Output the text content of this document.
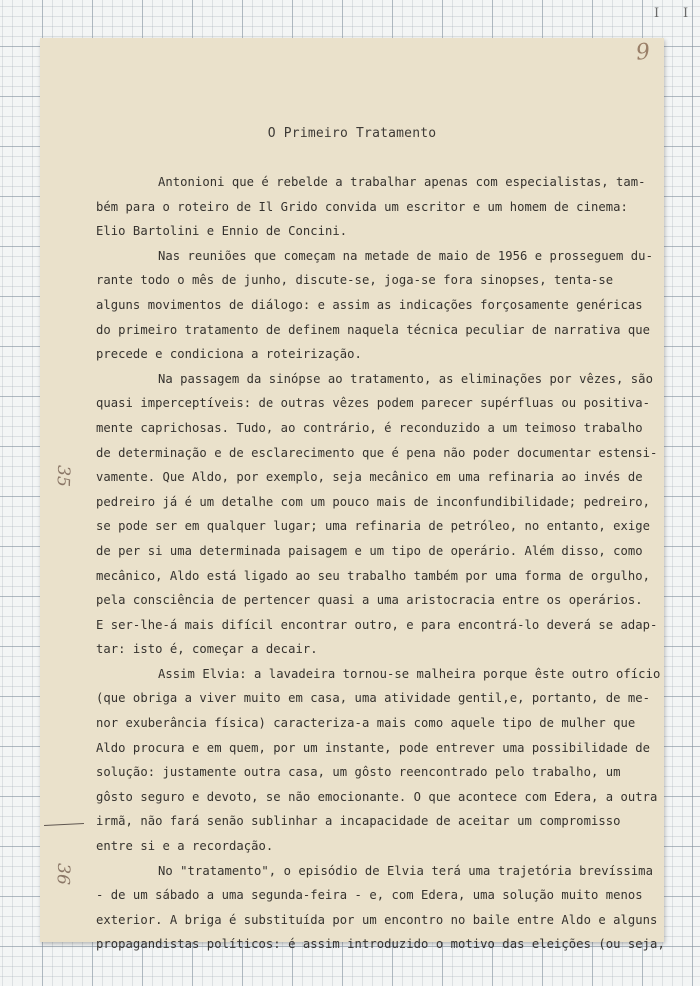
I I
9
O Primeiro Tratamento
35
36
Antonioni que é rebelde a trabalhar apenas com especialistas, tam-
bém para o roteiro de Il Grido convida um escritor e um homem de cinema:
Elio Bartolini e Ennio de Concini.
Nas reuniões que começam na metade de maio de 1956 e prosseguem du-
rante todo o mês de junho, discute-se, joga-se fora sinopses, tenta-se
alguns movimentos de diálogo: e assim as indicações forçosamente genéricas
do primeiro tratamento de definem naquela técnica peculiar de narrativa que
precede e condiciona a roteirização.
Na passagem da sinópse ao tratamento, as eliminações por vêzes, são
quasi imperceptíveis: de outras vêzes podem parecer supérfluas ou positiva-
mente caprichosas. Tudo, ao contrário, é reconduzido a um teimoso trabalho
de determinação e de esclarecimento que é pena não poder documentar estensi-
vamente. Que Aldo, por exemplo, seja mecânico em uma refinaria ao invés de
pedreiro já é um detalhe com um pouco mais de inconfundibilidade; pedreiro,
se pode ser em qualquer lugar; uma refinaria de petróleo, no entanto, exige
de per si uma determinada paisagem e um tipo de operário. Além disso, como
mecânico, Aldo está ligado ao seu trabalho também por uma forma de orgulho,
pela consciência de pertencer quasi a uma aristocracia entre os operários.
E ser-lhe-á mais difícil encontrar outro, e para encontrá-lo deverá se adap-
tar: isto é, começar a decair.
Assim Elvia: a lavadeira tornou-se malheira porque êste outro ofício
(que obriga a viver muito em casa, uma atividade gentil,e, portanto, de me-
nor exuberância física) caracteriza-a mais como aquele tipo de mulher que
Aldo procura e em quem, por um instante, pode entrever uma possibilidade de
solução: justamente outra casa, um gôsto reencontrado pelo trabalho, um
gôsto seguro e devoto, se não emocionante. O que acontece com Edera, a outra
irmã, não fará senão sublinhar a incapacidade de aceitar um compromisso
entre si e a recordação.
No "tratamento", o episódio de Elvia terá uma trajetória brevíssima
- de um sábado a uma segunda-feira - e, com Edera, uma solução muito menos
exterior. A briga é substituída por um encontro no baile entre Aldo e alguns
propagandistas políticos: é assim introduzido o motivo das eleições (ou seja,
